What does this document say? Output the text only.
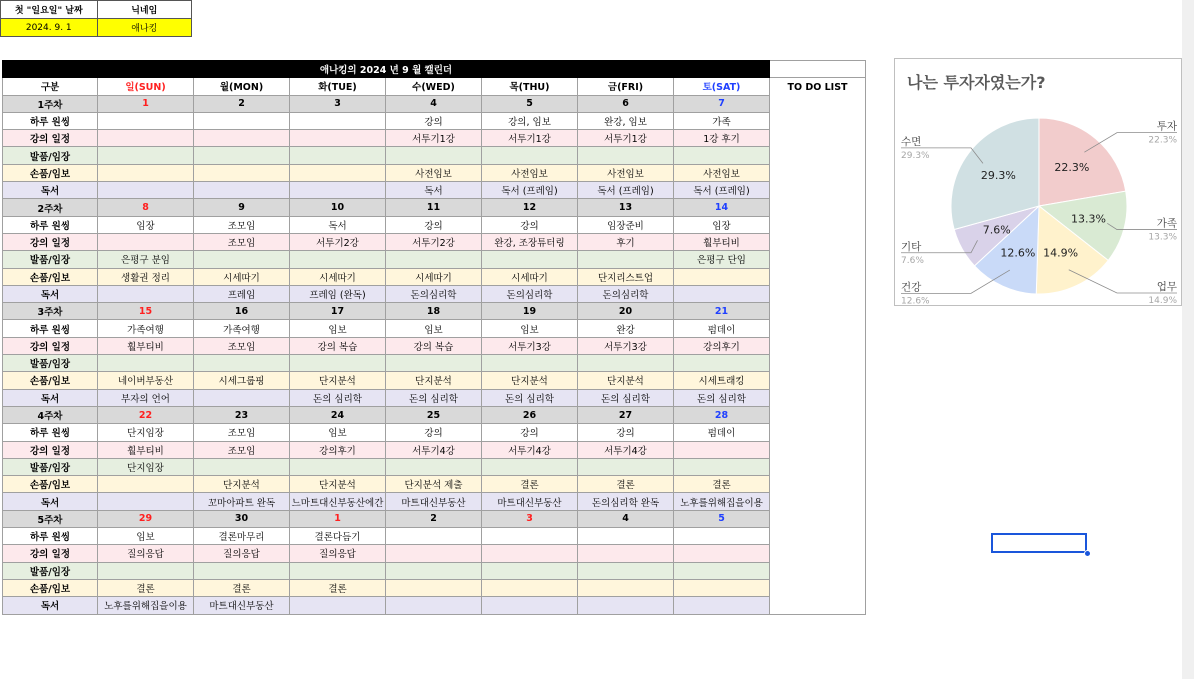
첫 "일요일" 날짜	닉네임
2024. 9. 1	애나킹
애나킹의 2024 년 9 월 캘린더								
구분	일(SUN)	월(MON)	화(TUE)	수(WED)	목(THU)	금(FRI)	토(SAT)	TO DO LIST
1주차	1	2	3	4	5	6	7	
하루 원씽				강의	강의, 임보	완강, 임보	가족	
강의 일정				서투기1강	서투기1강	서투기1강	1강 후기	
발품/임장								
손품/임보				사전임보	사전임보	사전임보	사전임보	
독서				독서	독서 (프레임)	독서 (프레임)	독서 (프레임)	
2주차	8	9	10	11	12	13	14	
하루 원씽	임장	조모임	독서	강의	강의	임장준비	임장	
강의 일정		조모임	서투기2강	서투기2강	완강, 조장튜터링	후기	훨부티비	
발품/임장	은평구 분임						은평구 단임	
손품/임보	생활권 정리	시세따기	시세따기	시세따기	시세따기	단지리스트업		
독서		프레임	프레임 (완독)	돈의심리학	돈의심리학	돈의심리학		
3주차	15	16	17	18	19	20	21	
하루 원씽	가족여행	가족여행	임보	임보	임보	완강	펌데이	
강의 일정	훨부티비	조모임	강의 복습	강의 복습	서투기3강	서투기3강	강의후기	
발품/임장								
손품/임보	네이버부동산	시세그룹핑	단지분석	단지분석	단지분석	단지분석	시세트래킹	
독서	부자의 언어		돈의 심리학	돈의 심리학	돈의 심리학	돈의 심리학	돈의 심리학	
4주차	22	23	24	25	26	27	28	
하루 원씽	단지임장	조모임	임보	강의	강의	강의	펌데이	
강의 일정	훨부티비	조모임	강의후기	서투기4강	서투기4강	서투기4강		
발품/임장	단지임장							
손품/임보		단지분석	단지분석	단지분석 제출	결론	결론	결론	
독서		꼬마아파트 완독	느마트대신부동산에간	마트대신부동산	마트대신부동산	돈의심리학 완독	노후를위해집을이용	
5주차	29	30	1	2	3	4	5	
하루 원씽	임보	결론마무리	결론다듬기					
강의 일정	질의응답	질의응답	질의응답					
발품/임장								
손품/임보	결론	결론	결론					
독서	노후를위해집을이용	마트대신부동산						
나는 투자자였는가?
22.3%
13.3%
14.9%
12.6%
7.6%
29.3%
투자
22.3%
가족
13.3%
업무
14.9%
건강
12.6%
기타
7.6%
수면
29.3%
